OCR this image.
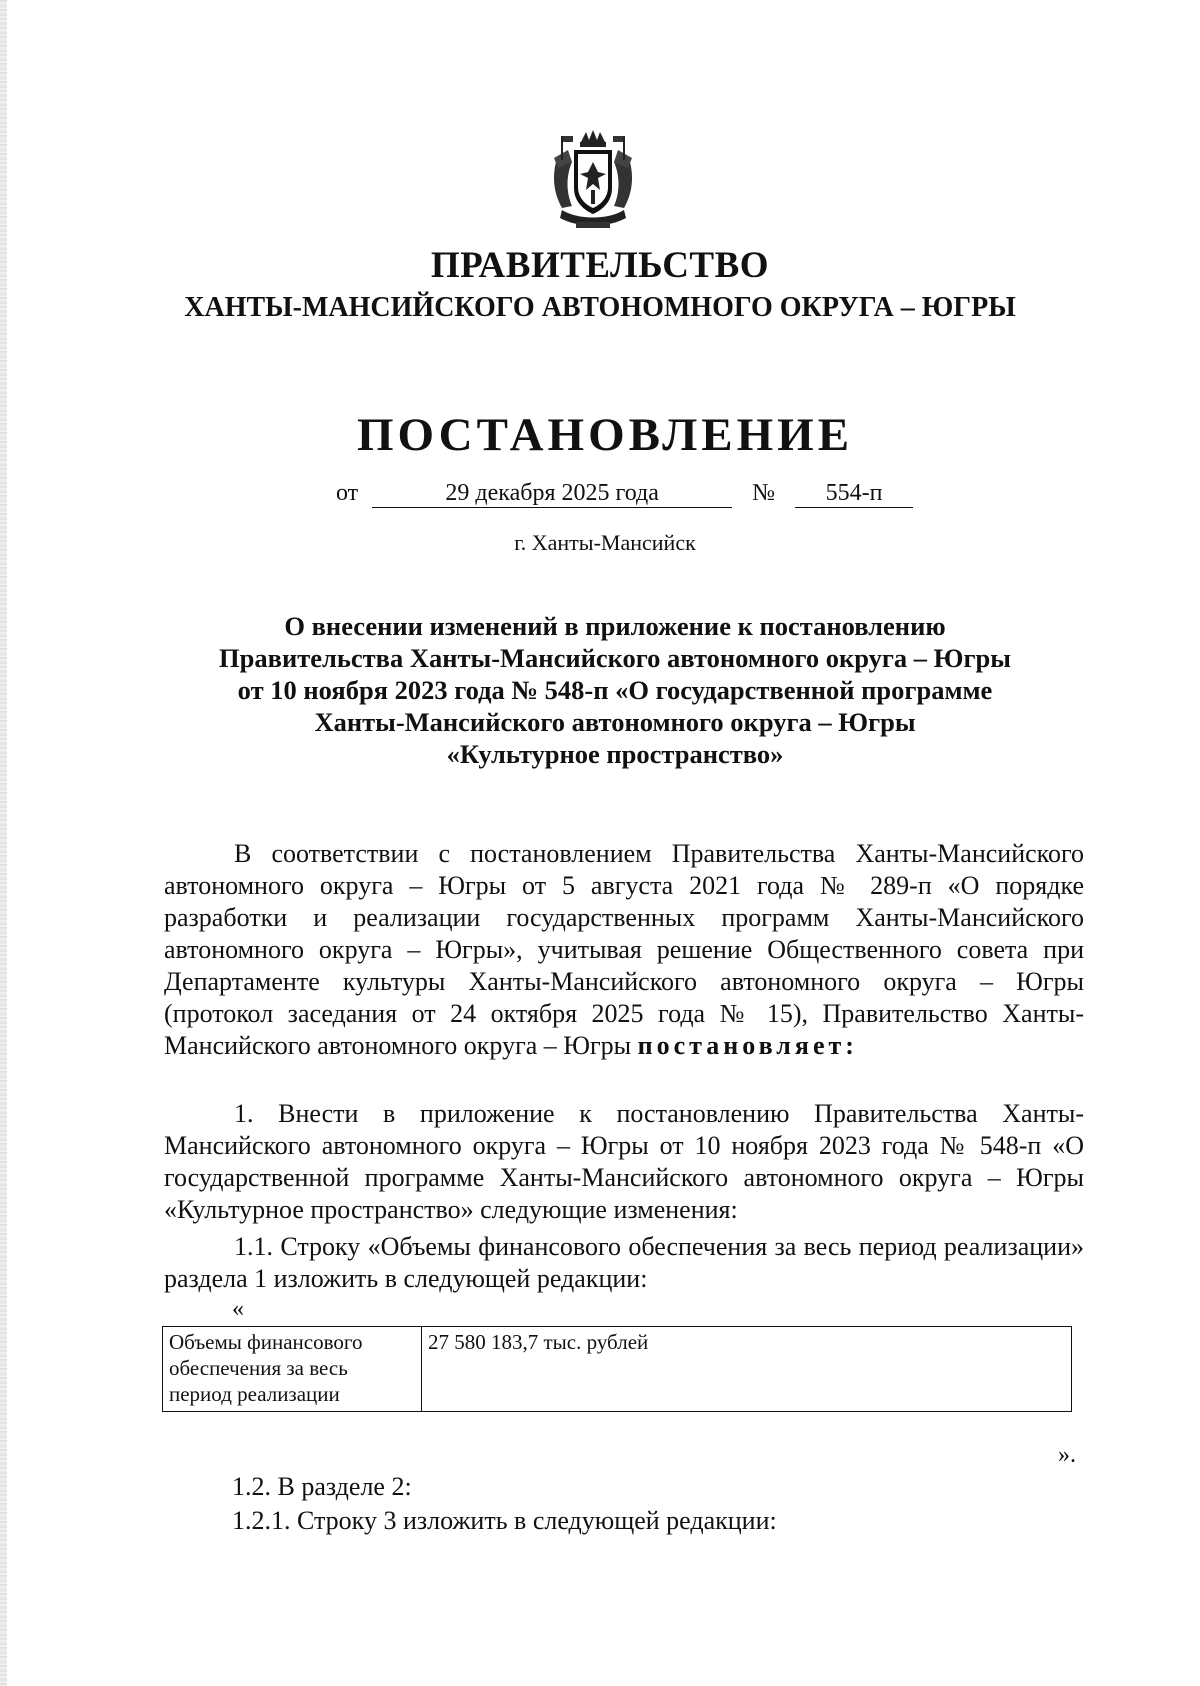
ПРАВИТЕЛЬСТВО
ХАНТЫ-МАНСИЙСКОГО АВТОНОМНОГО ОКРУГА – ЮГРЫ
ПОСТАНОВЛЕНИЕ
от	29 декабря 2025 года	№ 554-п
г. Ханты-Мансийск
О внесении изменений в приложение к постановлению
Правительства Ханты-Мансийского автономного округа – Югры
от 10 ноября 2023 года № 548-п «О государственной программе
Ханты-Мансийского автономного округа – Югры
«Культурное пространство»
В соответствии с постановлением Правительства Ханты-Мансийского автономного округа – Югры от 5 августа 2021 года № 289-п «О порядке разработки и реализации государственных программ Ханты-Мансийского автономного округа – Югры», учитывая решение Общественного совета при Департаменте культуры Ханты-Мансийского автономного округа – Югры (протокол заседания от 24 октября 2025 года № 15), Правительство Ханты-Мансийского автономного округа – Югры постановляет:
1. Внести в приложение к постановлению Правительства Ханты-Мансийского автономного округа – Югры от 10 ноября 2023 года № 548-п «О государственной программе Ханты-Мансийского автономного округа – Югры «Культурное пространство» следующие изменения:
1.1. Строку «Объемы финансового обеспечения за весь период реализации» раздела 1 изложить в следующей редакции:
«
Объемы финансового обеспечения за весь период реализации	27 580 183,7 тыс. рублей
».
1.2. В разделе 2:
1.2.1. Строку 3 изложить в следующей редакции:
